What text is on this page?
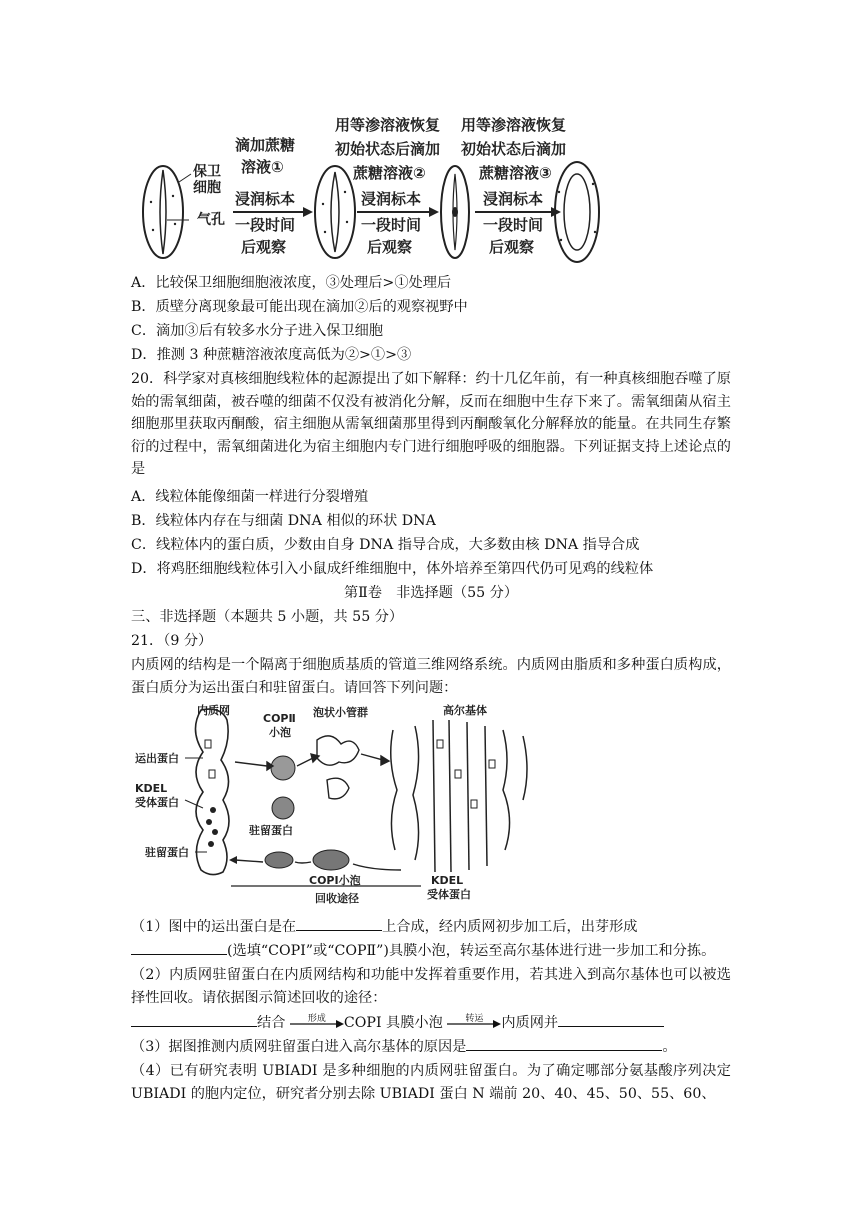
保卫
细胞
气孔
滴加蔗糖
溶液①
浸润标本
一段时间
后观察
用等渗溶液恢复
初始状态后滴加
蔗糖溶液②
浸润标本
一段时间
后观察
用等渗溶液恢复
初始状态后滴加
蔗糖溶液③
浸润标本
一段时间
后观察
A．比较保卫细胞细胞液浓度，③处理后>①处理后
B．质壁分离现象最可能出现在滴加②后的观察视野中
C．滴加③后有较多水分子进入保卫细胞
D．推测 3 种蔗糖溶液浓度高低为②>①>③
20．科学家对真核细胞线粒体的起源提出了如下解释：约十几亿年前，有一种真核细胞吞噬了原始的需氧细菌，被吞噬的细菌不仅没有被消化分解，反而在细胞中生存下来了。需氧细菌从宿主细胞那里获取丙酮酸，宿主细胞从需氧细菌那里得到丙酮酸氧化分解释放的能量。在共同生存繁衍的过程中，需氧细菌进化为宿主细胞内专门进行细胞呼吸的细胞器。下列证据支持上述论点的是
A．线粒体能像细菌一样进行分裂增殖
B．线粒体内存在与细菌 DNA 相似的环状 DNA
C．线粒体内的蛋白质，少数由自身 DNA 指导合成，大多数由核 DNA 指导合成
D．将鸡胚细胞线粒体引入小鼠成纤维细胞中，体外培养至第四代仍可见鸡的线粒体
第Ⅱ卷　非选择题（55 分）
三、非选择题（本题共 5 小题，共 55 分）
21．（9 分）
内质网的结构是一个隔离于细胞质基质的管道三维网络系统。内质网由脂质和多种蛋白质构成，蛋白质分为运出蛋白和驻留蛋白。请回答下列问题：
内质网
COPⅡ
小泡
驻留蛋白
泡状小管群	高尔基体
COPⅠ小泡
回收途径
运出蛋白
KDEL
受体蛋白
驻留蛋白
KDEL
受体蛋白
（1）图中的运出蛋白是在	上合成，经内质网初步加工后，出芽形成
(选填“COPI”或“COPⅡ”)具膜小泡，转运至高尔基体进行进一步加工和分拣。
（2）内质网驻留蛋白在内质网结构和功能中发挥着重要作用，若其进入到高尔基体也可以被选择性回收。请依据图示简述回收的途径：
结合	形成	COPI 具膜小泡	转运	内质网并
（3）据图推测内质网驻留蛋白进入高尔基体的原因是	。
（4）已有研究表明 UBIADI 是多种细胞的内质网驻留蛋白。为了确定哪部分氨基酸序列决定 UBIADI 的胞内定位，研究者分别去除 UBIADI 蛋白 N 端前 20、40、45、50、55、60、
